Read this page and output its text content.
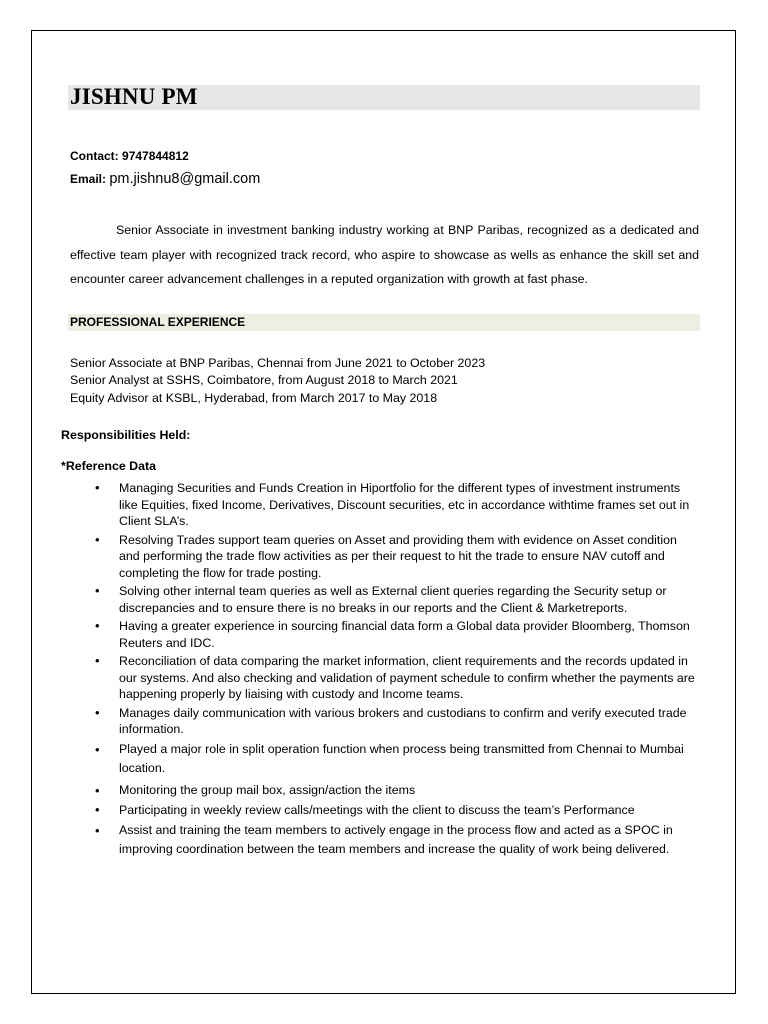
JISHNU PM
Contact: 9747844812
Email: pm.jishnu8@gmail.com
Senior Associate in investment banking industry working at BNP Paribas, recognized as a dedicated and effective team player with recognized track record, who aspire to showcase as wells as enhance the skill set and encounter career advancement challenges in a reputed organization with growth at fast phase.
PROFESSIONAL EXPERIENCE
Senior Associate at BNP Paribas, Chennai from June 2021 to October 2023
Senior Analyst at SSHS, Coimbatore, from August 2018 to March 2021
Equity Advisor at KSBL, Hyderabad, from March 2017 to May 2018
Responsibilities Held:
*Reference Data
• Managing Securities and Funds Creation in Hiportfolio for the different types of investment instruments like Equities, fixed Income, Derivatives, Discount securities, etc in accordance withtime frames set out in Client SLA’s.
• Resolving Trades support team queries on Asset and providing them with evidence on Asset condition and performing the trade flow activities as per their request to hit the trade to ensure NAV cutoff and completing the flow for trade posting.
• Solving other internal team queries as well as External client queries regarding the Security setup or discrepancies and to ensure there is no breaks in our reports and the Client & Marketreports.
• Having a greater experience in sourcing financial data form a Global data provider Bloomberg, Thomson Reuters and IDC.
• Reconciliation of data comparing the market information, client requirements and the records updated in our systems. And also checking and validation of payment schedule to confirm whether the payments are happening properly by liaising with custody and Income teams.
• Manages daily communication with various brokers and custodians to confirm and verify executed trade information.
• Played a major role in split operation function when process being transmitted from Chennai to Mumbai location.
• Monitoring the group mail box, assign/action the items
• Participating in weekly review calls/meetings with the client to discuss the team’s Performance
• Assist and training the team members to actively engage in the process flow and acted as a SPOC in improving coordination between the team members and increase the quality of work being delivered.
